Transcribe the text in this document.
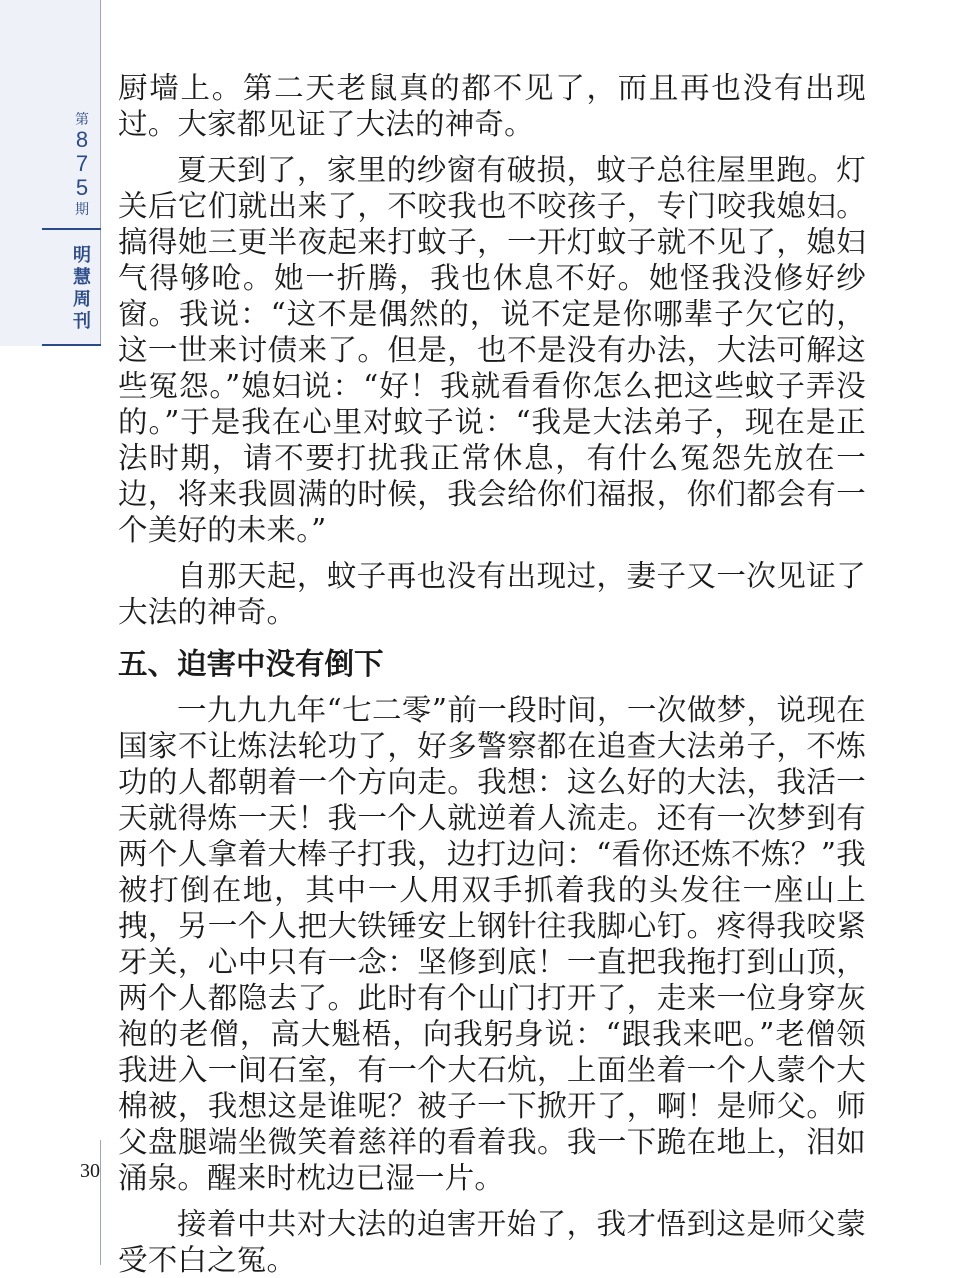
第
8
7
5
期
明
慧
周
刊
30

厨墙上。第二天老鼠真的都不见了，而且再也没有出现过。大家都见证了大法的神奇。

夏天到了，家里的纱窗有破损，蚊子总往屋里跑。灯关后它们就出来了，不咬我也不咬孩子，专门咬我媳妇。搞得她三更半夜起来打蚊子，一开灯蚊子就不见了，媳妇气得够呛。她一折腾，我也休息不好。她怪我没修好纱窗。我说：“这不是偶然的，说不定是你哪辈子欠它的，这一世来讨债来了。但是，也不是没有办法，大法可解这些冤怨。”媳妇说：“好！我就看看你怎么把这些蚊子弄没的。”于是我在心里对蚊子说：“我是大法弟子，现在是正法时期，请不要打扰我正常休息，有什么冤怨先放在一边，将来我圆满的时候，我会给你们福报，你们都会有一个美好的未来。”

自那天起，蚊子再也没有出现过，妻子又一次见证了大法的神奇。

五、迫害中没有倒下

一九九九年“七二零”前一段时间，一次做梦，说现在国家不让炼法轮功了，好多警察都在追查大法弟子，不炼功的人都朝着一个方向走。我想：这么好的大法，我活一天就得炼一天！我一个人就逆着人流走。还有一次梦到有两个人拿着大棒子打我，边打边问：“看你还炼不炼？”我被打倒在地，其中一人用双手抓着我的头发往一座山上拽，另一个人把大铁锤安上钢针往我脚心钉。疼得我咬紧牙关，心中只有一念：坚修到底！一直把我拖打到山顶，两个人都隐去了。此时有个山门打开了，走来一位身穿灰袍的老僧，高大魁梧，向我躬身说：“跟我来吧。”老僧领我进入一间石室，有一个大石炕，上面坐着一个人蒙个大棉被，我想这是谁呢？被子一下掀开了，啊！是师父。师父盘腿端坐微笑着慈祥的看着我。我一下跪在地上，泪如涌泉。醒来时枕边已湿一片。

接着中共对大法的迫害开始了，我才悟到这是师父蒙受不白之冤。
